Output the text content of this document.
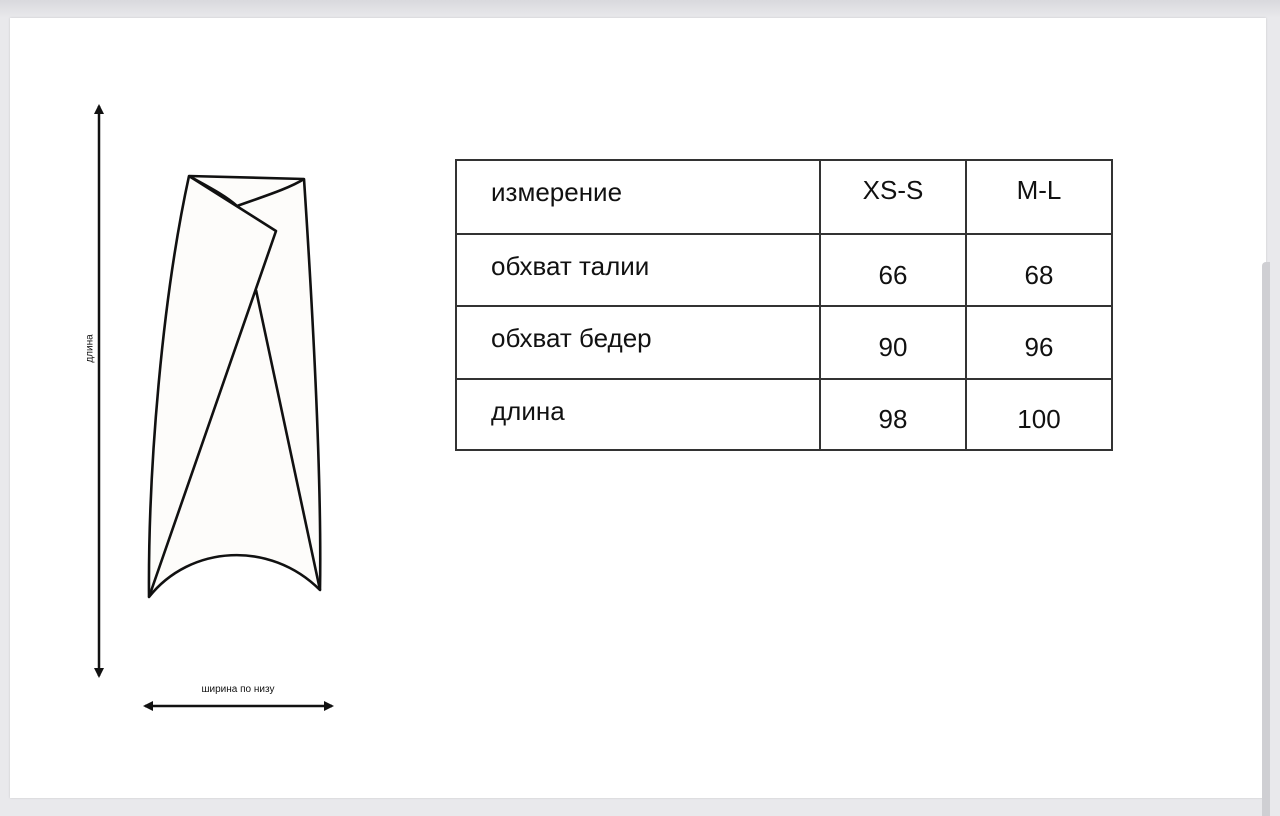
длина
ширина по низу
измерение	XS-S	M-L
обхват талии	66	68
обхват бедер	90	96
длина	98	100
